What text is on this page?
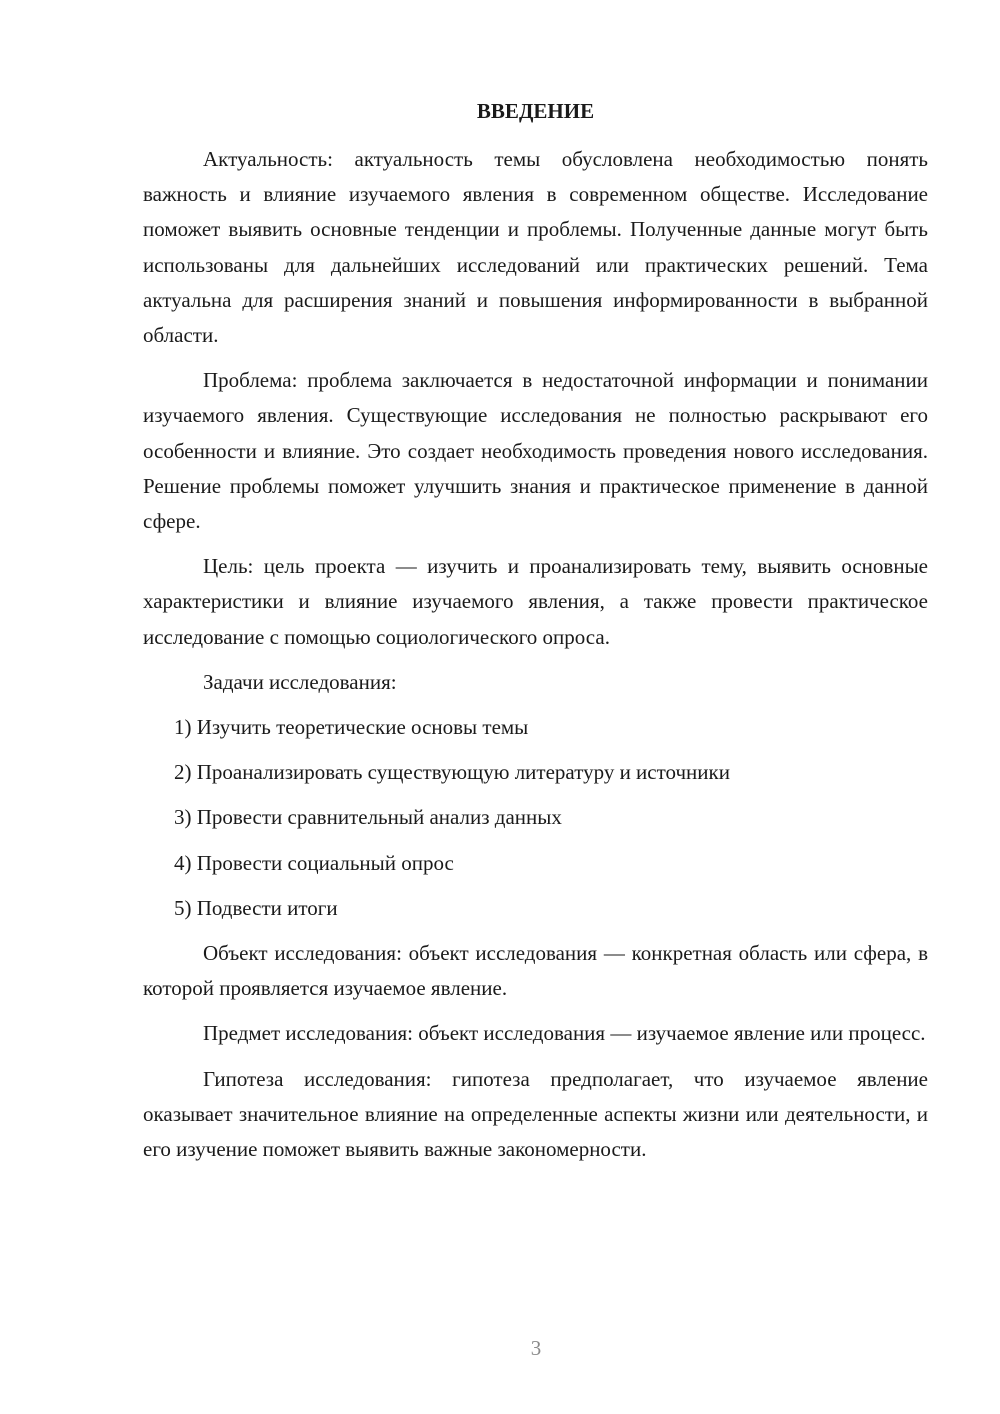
ВВЕДЕНИЕ

Актуальность: актуальность темы обусловлена необходимостью понять важность и влияние изучаемого явления в современном обществе. Исследование поможет выявить основные тенденции и проблемы. Полученные данные могут быть использованы для дальнейших исследований или практических решений. Тема актуальна для расширения знаний и повышения информированности в выбранной области.

Проблема: проблема заключается в недостаточной информации и понимании изучаемого явления. Существующие исследования не полностью раскрывают его особенности и влияние. Это создает необходимость проведения нового исследования. Решение проблемы поможет улучшить знания и практическое применение в данной сфере.

Цель: цель проекта — изучить и проанализировать тему, выявить основные характеристики и влияние изучаемого явления, а также провести практическое исследование с помощью социологического опроса.

Задачи исследования:

1) Изучить теоретические основы темы
2) Проанализировать существующую литературу и источники
3) Провести сравнительный анализ данных
4) Провести социальный опрос
5) Подвести итоги

Объект исследования: объект исследования — конкретная область или сфера, в которой проявляется изучаемое явление.

Предмет исследования: объект исследования — изучаемое явление или процесс.

Гипотеза исследования: гипотеза предполагает, что изучаемое явление оказывает значительное влияние на определенные аспекты жизни или деятельности, и его изучение поможет выявить важные закономерности.

3
